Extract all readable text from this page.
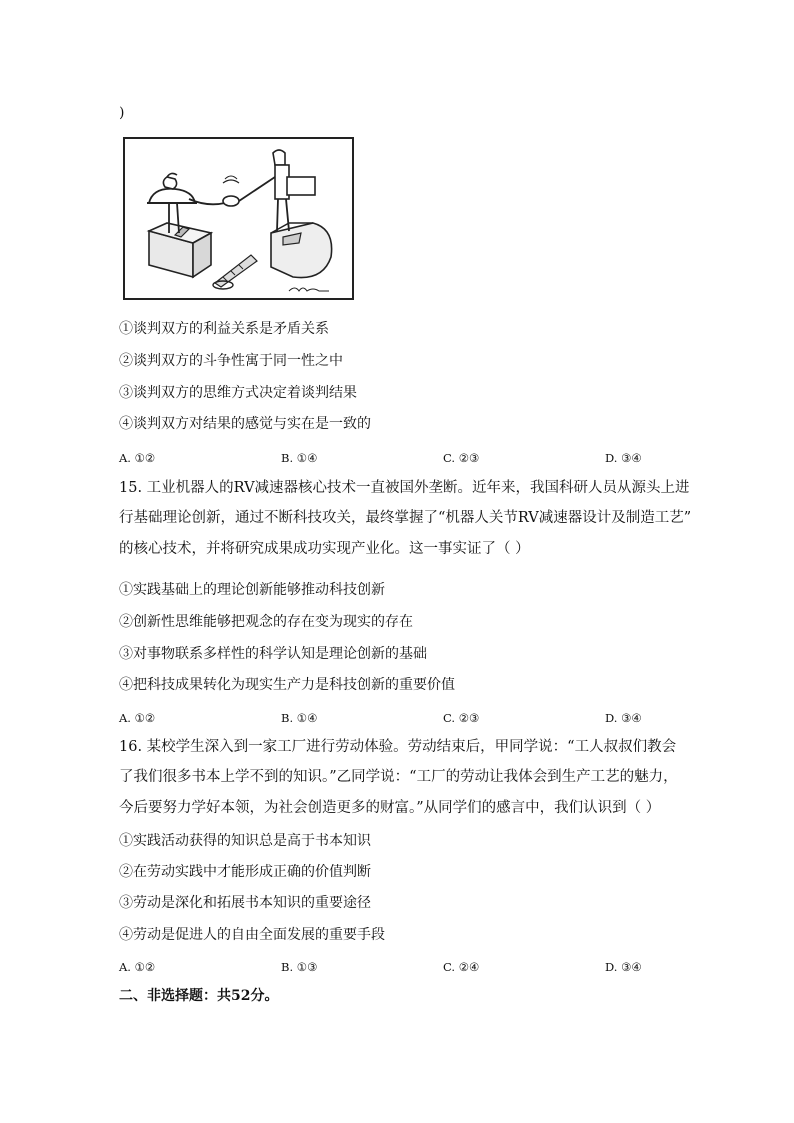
)
①谈判双方的利益关系是矛盾关系
②谈判双方的斗争性寓于同一性之中
③谈判双方的思维方式决定着谈判结果
④谈判双方对结果的感觉与实在是一致的
A. ①②	B. ①④	C. ②③	D. ③④
15. 工业机器人的RV减速器核心技术一直被国外垄断。近年来，我国科研人员从源头上进
行基础理论创新，通过不断科技攻关，最终掌握了“机器人关节RV减速器设计及制造工艺”
的核心技术，并将研究成果成功实现产业化。这一事实证了（ ）
①实践基础上的理论创新能够推动科技创新
②创新性思维能够把观念的存在变为现实的存在
③对事物联系多样性的科学认知是理论创新的基础
④把科技成果转化为现实生产力是科技创新的重要价值
A. ①②	B. ①④	C. ②③	D. ③④
16. 某校学生深入到一家工厂进行劳动体验。劳动结束后，甲同学说：“工人叔叔们教会
了我们很多书本上学不到的知识。”乙同学说：“工厂的劳动让我体会到生产工艺的魅力，
今后要努力学好本领，为社会创造更多的财富。”从同学们的感言中，我们认识到（ ）
①实践活动获得的知识总是高于书本知识
②在劳动实践中才能形成正确的价值判断
③劳动是深化和拓展书本知识的重要途径
④劳动是促进人的自由全面发展的重要手段
A. ①②	B. ①③	C. ②④	D. ③④
二、非选择题：共52分。
